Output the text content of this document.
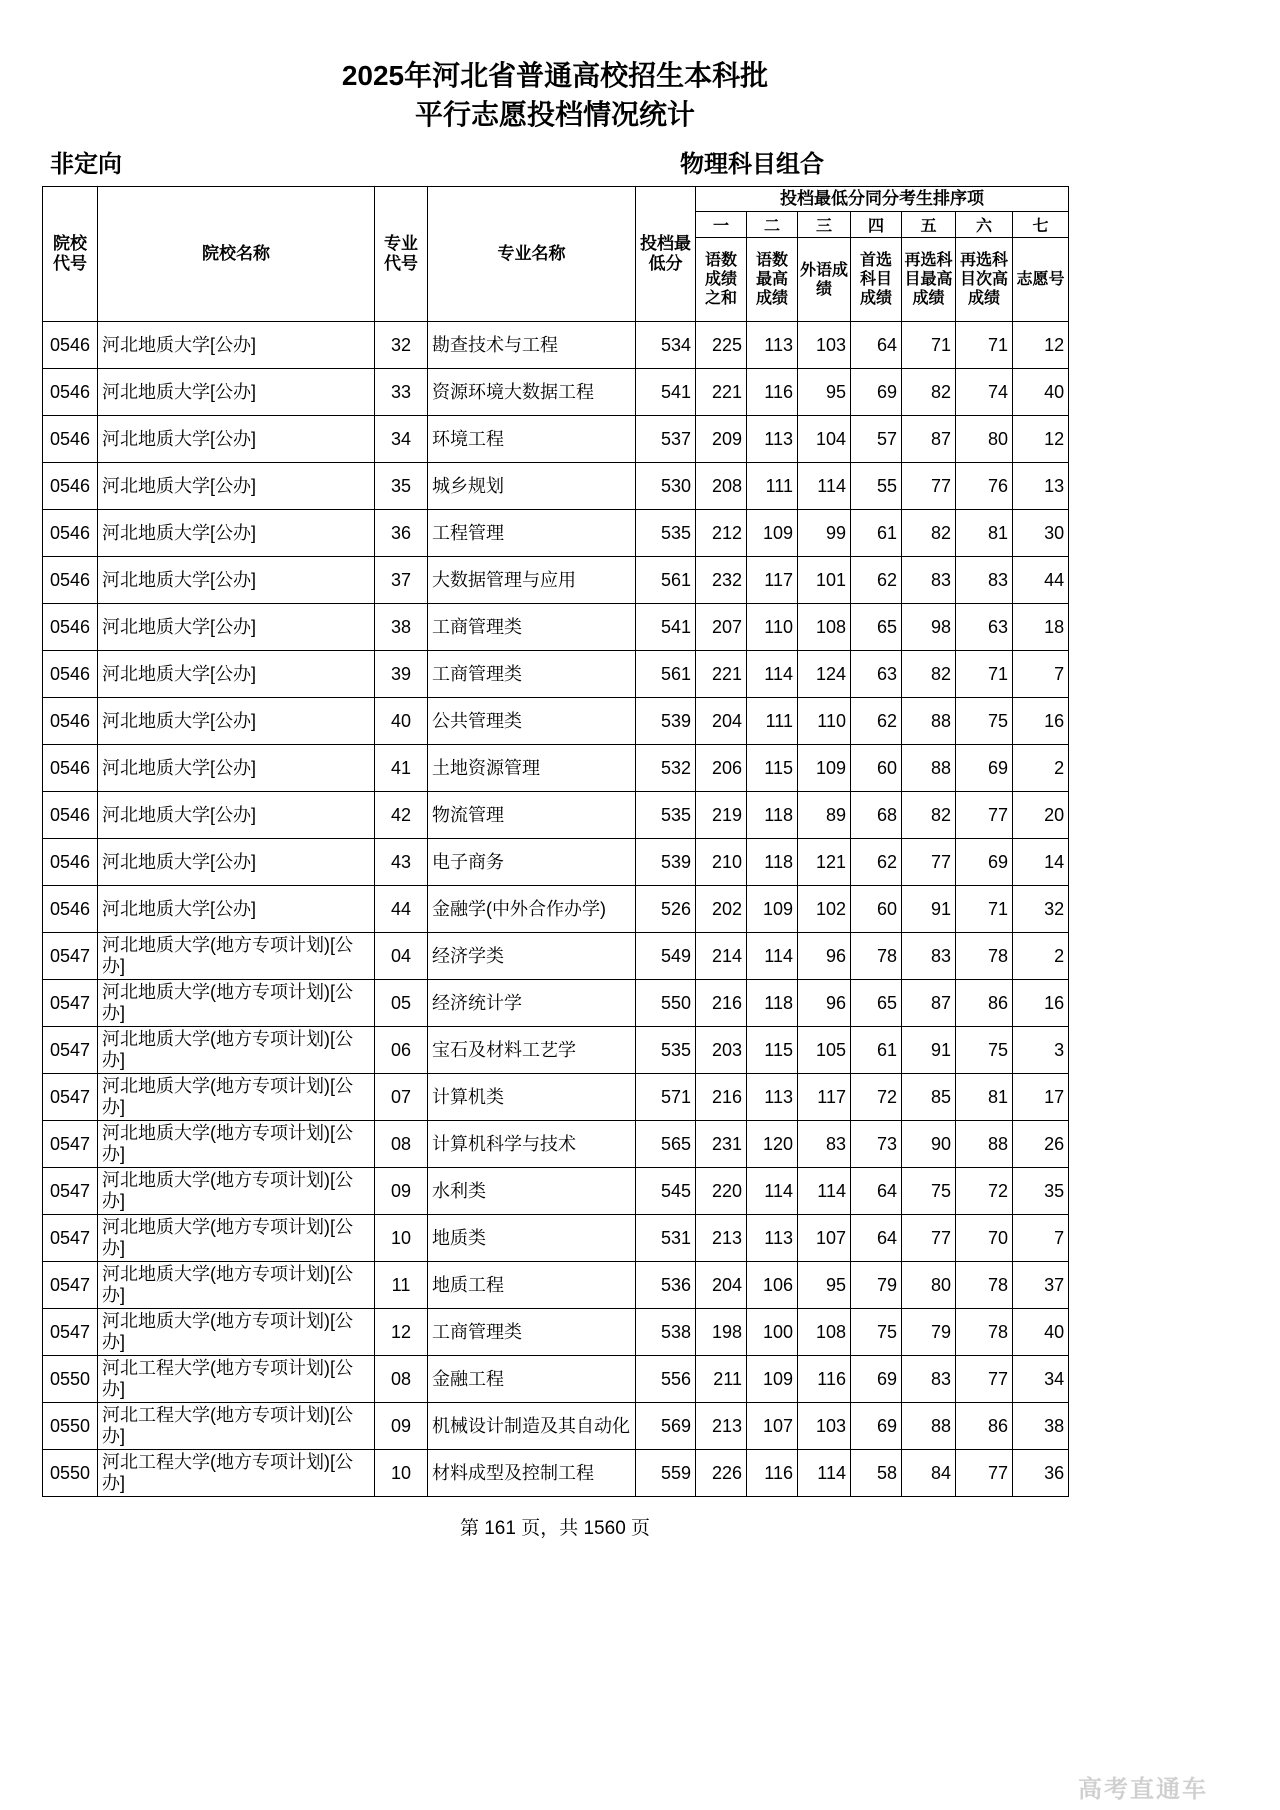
2025年河北省普通高校招生本科批
平行志愿投档情况统计
非定向	物理科目组合
院校代号	院校名称	专业代号	专业名称	投档最低分	投档最低分同分考生排序项						
					一	二	三	四	五	六	七
					语数成绩之和	语数最高成绩	外语成绩	首选科目成绩	再选科目最高成绩	再选科目次高成绩	志愿号
0546	河北地质大学[公办]	32	勘查技术与工程	534	225	113	103	64	71	71	12
0546	河北地质大学[公办]	33	资源环境大数据工程	541	221	116	95	69	82	74	40
0546	河北地质大学[公办]	34	环境工程	537	209	113	104	57	87	80	12
0546	河北地质大学[公办]	35	城乡规划	530	208	111	114	55	77	76	13
0546	河北地质大学[公办]	36	工程管理	535	212	109	99	61	82	81	30
0546	河北地质大学[公办]	37	大数据管理与应用	561	232	117	101	62	83	83	44
0546	河北地质大学[公办]	38	工商管理类	541	207	110	108	65	98	63	18
0546	河北地质大学[公办]	39	工商管理类	561	221	114	124	63	82	71	7
0546	河北地质大学[公办]	40	公共管理类	539	204	111	110	62	88	75	16
0546	河北地质大学[公办]	41	土地资源管理	532	206	115	109	60	88	69	2
0546	河北地质大学[公办]	42	物流管理	535	219	118	89	68	82	77	20
0546	河北地质大学[公办]	43	电子商务	539	210	118	121	62	77	69	14
0546	河北地质大学[公办]	44	金融学(中外合作办学)	526	202	109	102	60	91	71	32
0547	河北地质大学(地方专项计划)[公办]	04	经济学类	549	214	114	96	78	83	78	2
0547	河北地质大学(地方专项计划)[公办]	05	经济统计学	550	216	118	96	65	87	86	16
0547	河北地质大学(地方专项计划)[公办]	06	宝石及材料工艺学	535	203	115	105	61	91	75	3
0547	河北地质大学(地方专项计划)[公办]	07	计算机类	571	216	113	117	72	85	81	17
0547	河北地质大学(地方专项计划)[公办]	08	计算机科学与技术	565	231	120	83	73	90	88	26
0547	河北地质大学(地方专项计划)[公办]	09	水利类	545	220	114	114	64	75	72	35
0547	河北地质大学(地方专项计划)[公办]	10	地质类	531	213	113	107	64	77	70	7
0547	河北地质大学(地方专项计划)[公办]	11	地质工程	536	204	106	95	79	80	78	37
0547	河北地质大学(地方专项计划)[公办]	12	工商管理类	538	198	100	108	75	79	78	40
0550	河北工程大学(地方专项计划)[公办]	08	金融工程	556	211	109	116	69	83	77	34
0550	河北工程大学(地方专项计划)[公办]	09	机械设计制造及其自动化	569	213	107	103	69	88	86	38
0550	河北工程大学(地方专项计划)[公办]	10	材料成型及控制工程	559	226	116	114	58	84	77	36
第 161 页，共 1560 页
高考直通车
